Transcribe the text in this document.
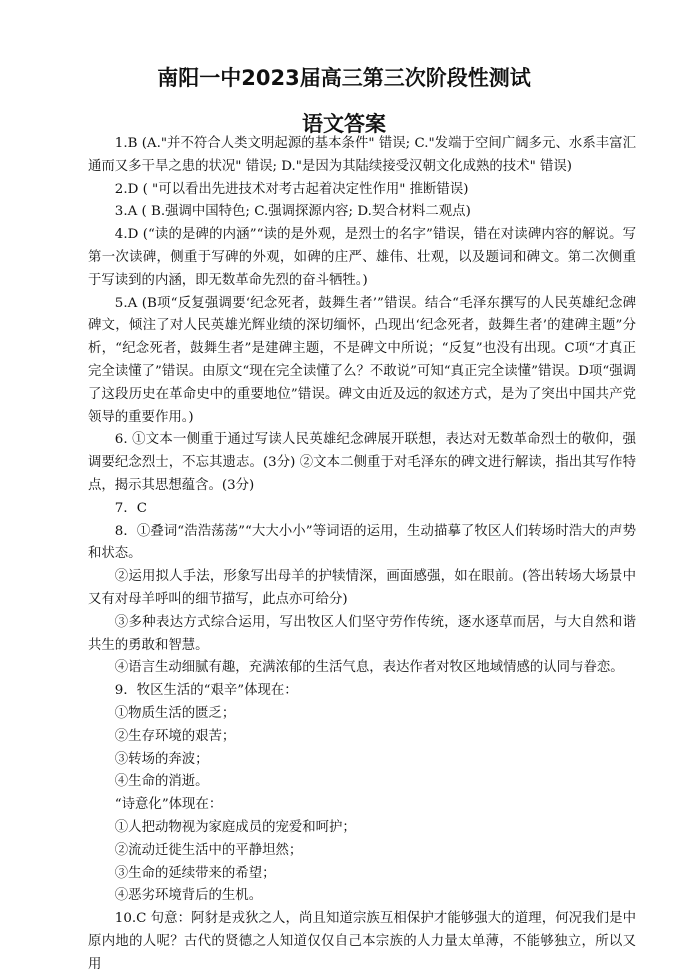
南阳一中2023届高三第三次阶段性测试
语文答案

1.B (A."并不符合人类文明起源的基本条件" 错误; C."发端于空间广阔多元、水系丰富汇通而又多干旱之患的状况" 错误; D."是因为其陆续接受汉朝文化成熟的技术" 错误)

2.D ( "可以看出先进技术对考古起着决定性作用" 推断错误)

3.A ( B.强调中国特色; C.强调探源内容; D.契合材料二观点)

4.D (“读的是碑的内涵”“读的是外观，是烈士的名字”错误，错在对读碑内容的解说。写第一次读碑，侧重于写碑的外观，如碑的庄严、雄伟、壮观，以及题词和碑文。第二次侧重于写读到的内涵，即无数革命先烈的奋斗牺牲。)

5.A (B项“反复强调要‘纪念死者，鼓舞生者’”错误。结合“毛泽东撰写的人民英雄纪念碑碑文，倾注了对人民英雄光辉业绩的深切缅怀，凸现出‘纪念死者，鼓舞生者’的建碑主题”分析，“纪念死者，鼓舞生者”是建碑主题，不是碑文中所说；“反复”也没有出现。C项“才真正完全读懂了”错误。由原文“现在完全读懂了么？不敢说”可知“真正完全读懂”错误。D项“强调了这段历史在革命史中的重要地位”错误。碑文由近及远的叙述方式，是为了突出中国共产党领导的重要作用。)

6. ①文本一侧重于通过写读人民英雄纪念碑展开联想，表达对无数革命烈士的敬仰，强调要纪念烈士，不忘其遗志。(3分) ②文本二侧重于对毛泽东的碑文进行解读，指出其写作特点，揭示其思想蕴含。(3分)

7．C

8．①叠词“浩浩荡荡”“大大小小”等词语的运用，生动描摹了牧区人们转场时浩大的声势和状态。

②运用拟人手法，形象写出母羊的护犊情深，画面感强，如在眼前。(答出转场大场景中又有对母羊呼叫的细节描写，此点亦可给分)

③多种表达方式综合运用，写出牧区人们坚守劳作传统，逐水逐草而居，与大自然和谐共生的勇敢和智慧。

④语言生动细腻有趣，充满浓郁的生活气息，表达作者对牧区地域情感的认同与眷恋。

9．牧区生活的“艰辛”体现在：

①物质生活的匮乏；

②生存环境的艰苦；

③转场的奔波；

④生命的消逝。

“诗意化”体现在：

①人把动物视为家庭成员的宠爱和呵护；

②流动迁徙生活中的平静坦然；

③生命的延续带来的希望；

④恶劣环境背后的生机。

10.C 句意：阿豺是戎狄之人，尚且知道宗族互相保护才能够强大的道理，何况我们是中原内地的人呢？古代的贤德之人知道仅仅自己本宗族的人力量太单薄，不能够独立，所以又用
